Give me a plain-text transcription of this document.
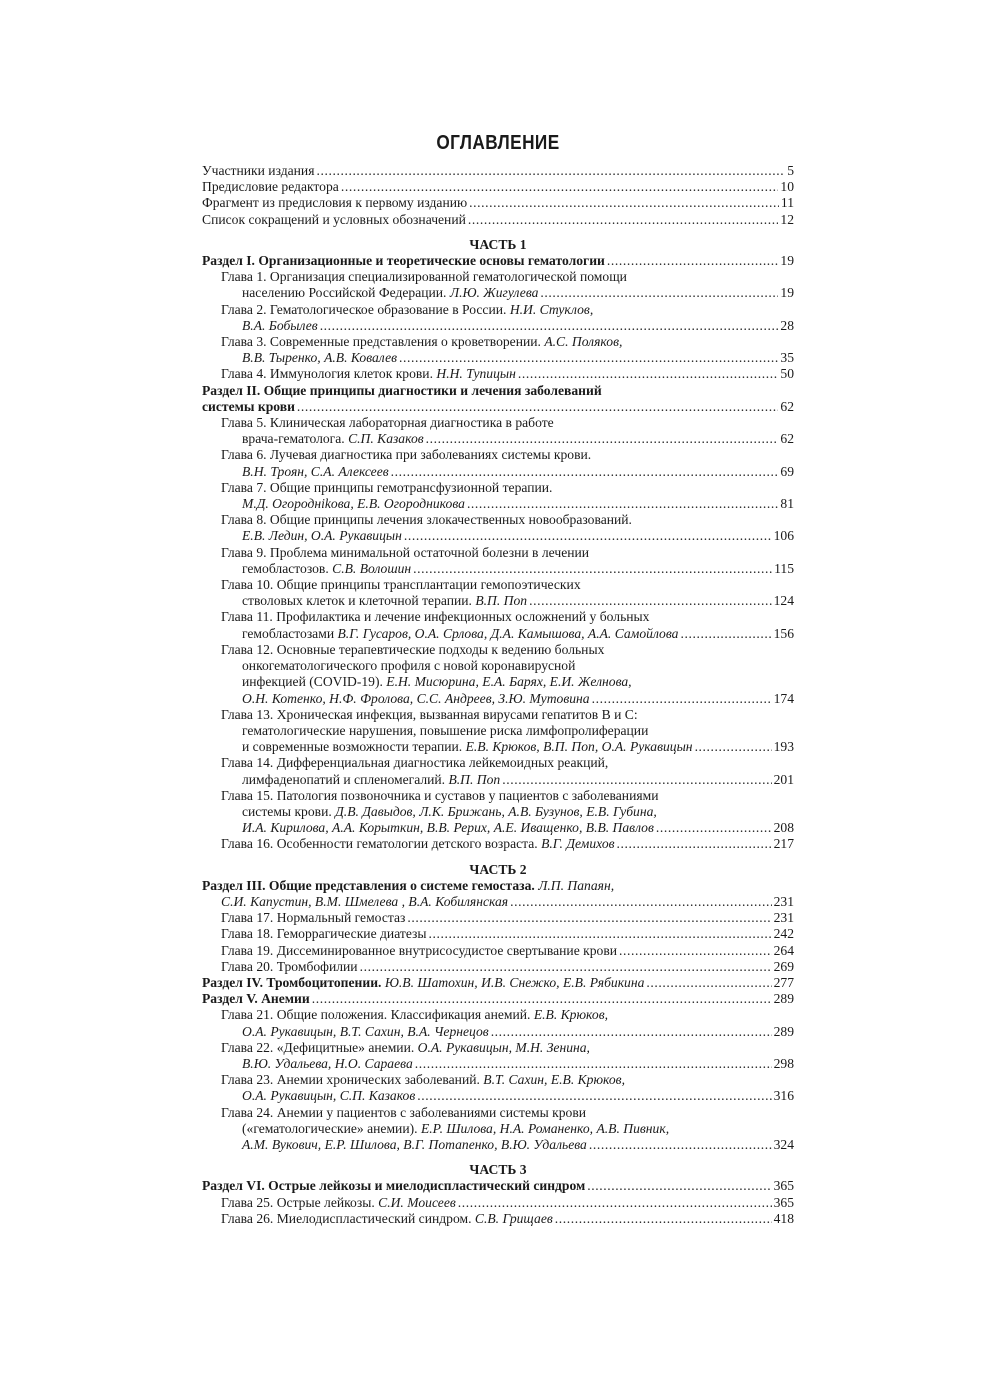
ОГЛАВЛЕНИЕ
Участники издания .....	5
Предисловие редактора .....	10
Фрагмент из предисловия к первому изданию .....	11
Список сокращений и условных обозначений .....	12
ЧАСТЬ 1
Раздел I. Организационные и теоретические основы гематологии .....	19
Глава 1. Организация специализированной гематологической помощи
населению Российской Федерации. Л.Ю. Жигулева .....	19
Глава 2. Гематологическое образование в России. Н.И. Стуклов,
В.А. Бобылев .....	28
Глава 3. Современные представления о кроветворении. А.С. Поляков,
В.В. Тыренко, А.В. Ковалев .....	35
Глава 4. Иммунология клеток крови. Н.Н. Тупицын .....	50
Раздел II. Общие принципы диагностики и лечения заболеваний
системы крови .....	62
Глава 5. Клиническая лабораторная диагностика в работе
врача-гематолога. С.П. Казаков .....	62
Глава 6. Лучевая диагностика при заболеваниях системы крови.
В.Н. Троян, С.А. Алексеев .....	69
Глава 7. Общие принципы гемотрансфузионной терапии.
М.Д. Огороднikова, Е.В. Огородникова .....	81
Глава 8. Общие принципы лечения злокачественных новообразований.
Е.В. Ледин, О.А. Рукавицын .....	106
Глава 9. Проблема минимальной остаточной болезни в лечении
гемобластозов. С.В. Волошин .....	115
Глава 10. Общие принципы трансплантации гемопоэтических
стволовых клеток и клеточной терапии. В.П. Поп .....	124
Глава 11. Профилактика и лечение инфекционных осложнений у больных
гемобластозами В.Г. Гусаров, О.А. Срлова, Д.А. Камышова, А.А. Самойлова .....	156
Глава 12. Основные терапевтические подходы к ведению больных
онкогематологического профиля с новой коронавирусной
инфекцией (COVID-19). Е.Н. Мисюрина, Е.А. Барях, Е.И. Желнова,
О.Н. Котенко, Н.Ф. Фролова, С.С. Андреев, З.Ю. Мутовина .....	174
Глава 13. Хроническая инфекция, вызванная вирусами гепатитов B и C:
гематологические нарушения, повышение риска лимфопролиферации
и современные возможности терапии. Е.В. Крюков, В.П. Поп, О.А. Рукавицын .....	193
Глава 14. Дифференциальная диагностика лейкемоидных реакций,
лимфаденопатий и спленомегалий. В.П. Поп .....	201
Глава 15. Патология позвоночника и суставов у пациентов с заболеваниями
системы крови. Д.В. Давыдов, Л.К. Брижань, А.В. Бузунов, Е.В. Губина,
И.А. Кирилова, А.А. Корыткин, В.В. Рерих, А.Е. Иващенко, В.В. Павлов .....	208
Глава 16. Особенности гематологии детского возраста. В.Г. Демихов .....	217
ЧАСТЬ 2
Раздел III. Общие представления о системе гемостаза. Л.П. Папаян,
С.И. Капустин, В.М. Шмелева , В.А. Кобилянская .....	231
Глава 17. Нормальный гемостаз .....	231
Глава 18. Геморрагические диатезы .....	242
Глава 19. Диссеминированное внутрисосудистое свертывание крови .....	264
Глава 20. Тромбофилии .....	269
Раздел IV. Тромбоцитопении. Ю.В. Шатохин, И.В. Снежко, Е.В. Рябикина .....	277
Раздел V. Анемии .....	289
Глава 21. Общие положения. Классификация анемий. Е.В. Крюков,
О.А. Рукавицын, В.Т. Сахин, В.А. Чернецов .....	289
Глава 22. «Дефицитные» анемии. О.А. Рукавицын, М.Н. Зенина,
В.Ю. Удальева, Н.О. Сараева .....	298
Глава 23. Анемии хронических заболеваний. В.Т. Сахин, Е.В. Крюков,
О.А. Рукавицын, С.П. Казаков .....	316
Глава 24. Анемии у пациентов с заболеваниями системы крови
(«гематологические» анемии). Е.Р. Шилова, Н.А. Романенко, А.В. Пивник,
А.М. Вукович, Е.Р. Шилова, В.Г. Потапенко, В.Ю. Удальева .....	324
ЧАСТЬ 3
Раздел VI. Острые лейкозы и миелодиспластический синдром .....	365
Глава 25. Острые лейкозы. С.И. Моисеев .....	365
Глава 26. Миелодиспластический синдром. С.В. Грищаев .....	418
